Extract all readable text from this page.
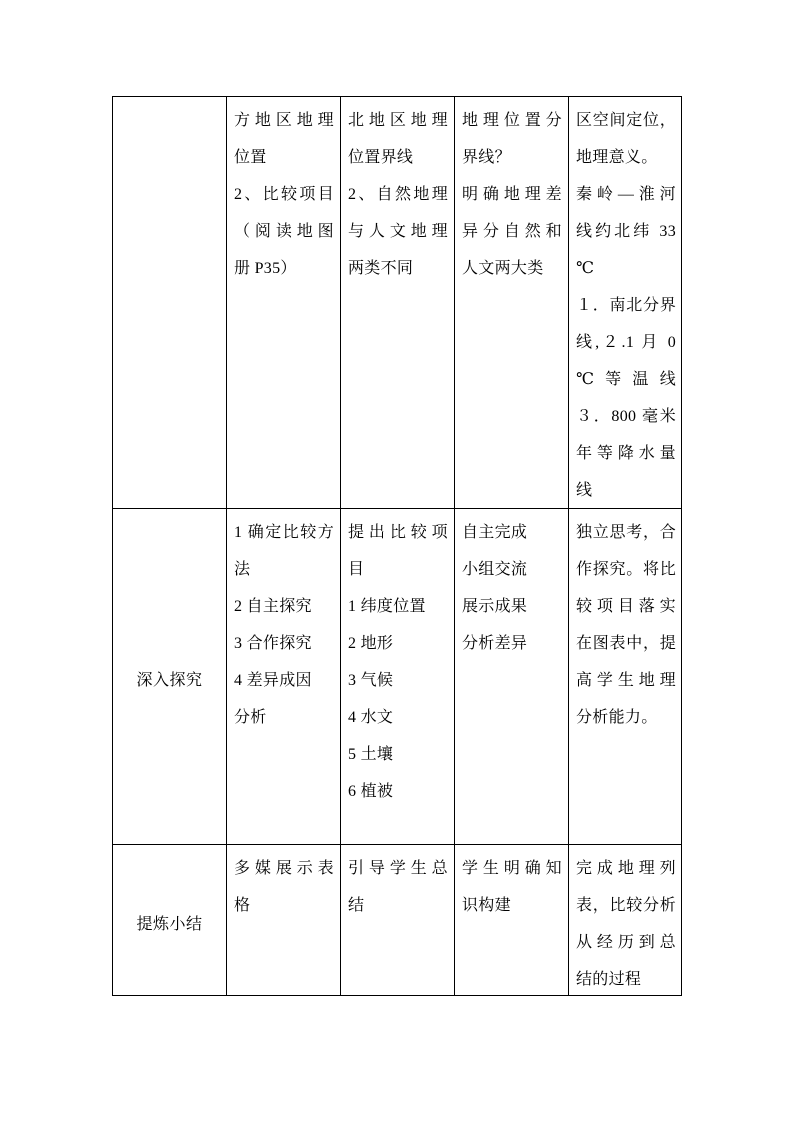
方地区地理
位置
2、比较项目
（阅读地图
册 P35）
北地区地理
位置界线
2、自然地理
与人文地理
两类不同
地理位置分
界线？
明确地理差
异分自然和
人文两大类
区空间定位，
地理意义。
秦岭—淮河
线约北纬 33
℃
１．南北分界
线,２.1 月 0
℃等温线
３．800 毫米
年等降水量
线
深入探究
1 确定比较方
法
2 自主探究
3 合作探究
4 差异成因
分析
提出比较项
目
1 纬度位置
2 地形
3 气候
4 水文
5 土壤
6 植被
自主完成
小组交流
展示成果
分析差异
独立思考，合
作探究。将比
较项目落实
在图表中，提
高学生地理
分析能力。
提炼小结
多媒展示表
格
引导学生总
结
学生明确知
识构建
完成地理列
表，比较分析
从经历到总
结的过程
